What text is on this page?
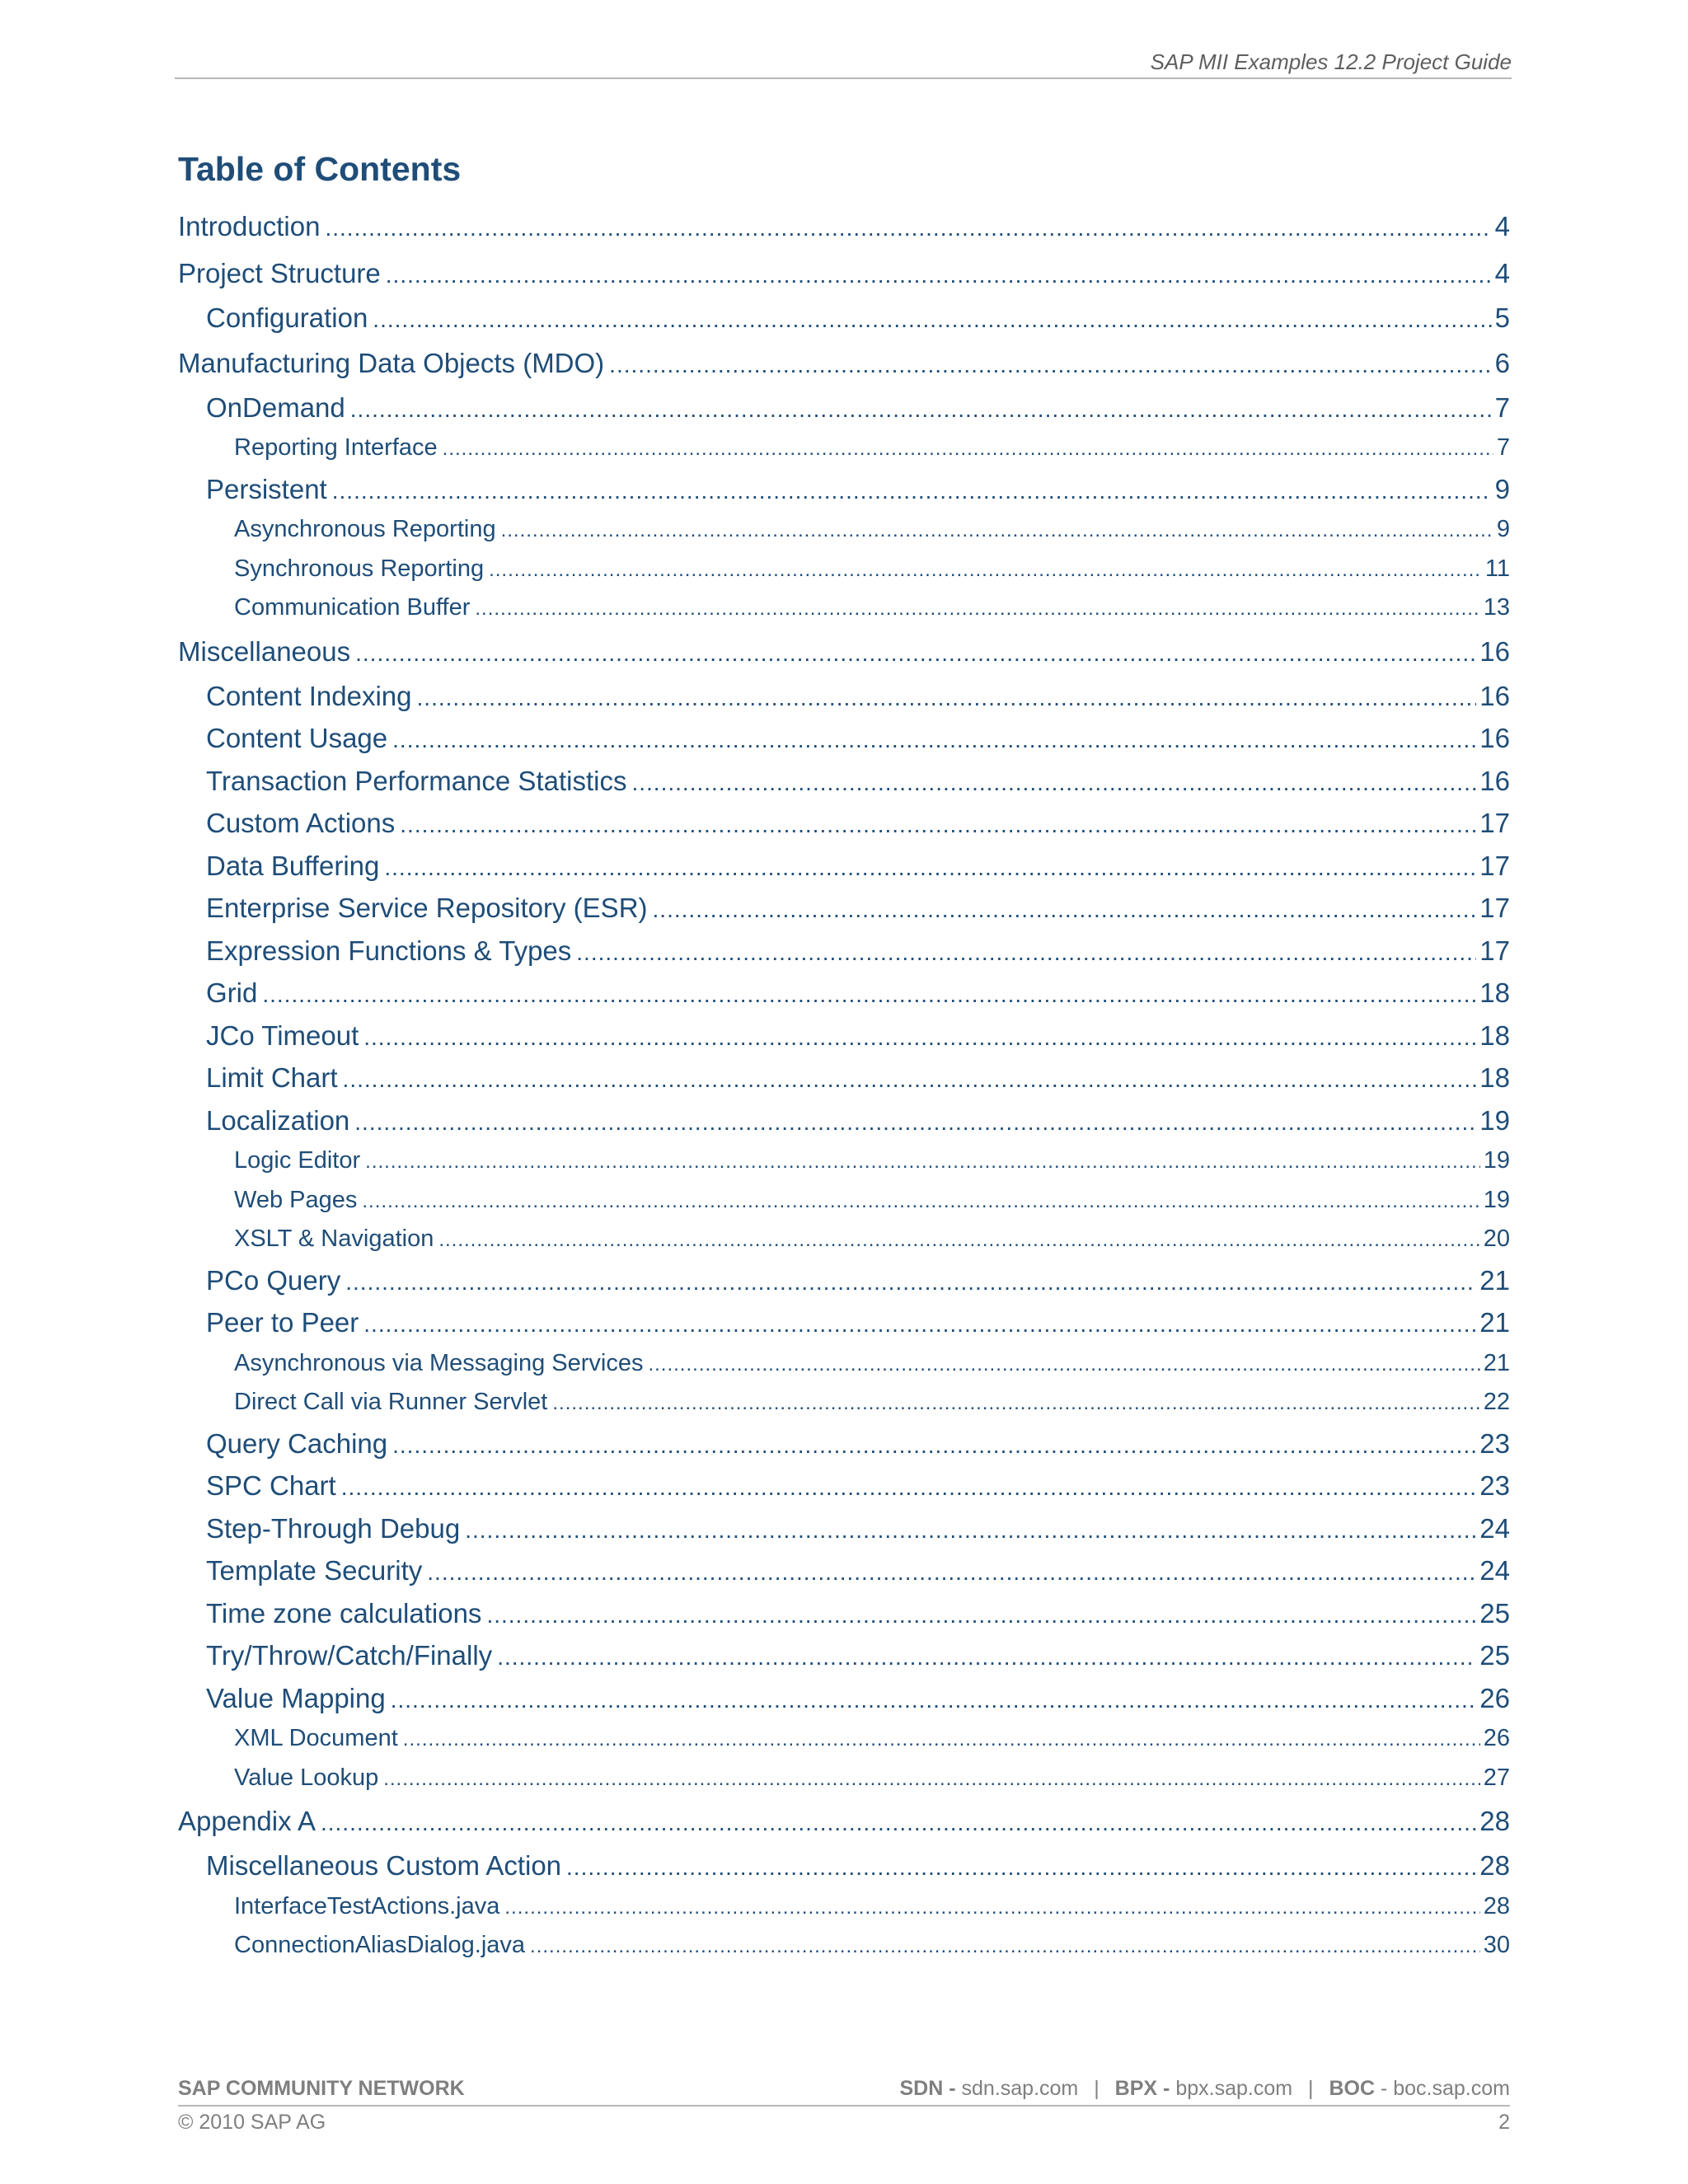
SAP MII Examples 12.2 Project Guide
Table of Contents
Introduction .....	4
Project Structure .....	4
Configuration .....	5
Manufacturing Data Objects (MDO) .....	6
OnDemand .....	7
Reporting Interface .....	7
Persistent .....	9
Asynchronous Reporting .....	9
Synchronous Reporting .....	11
Communication Buffer .....	13
Miscellaneous .....	16
Content Indexing .....	16
Content Usage .....	16
Transaction Performance Statistics .....	16
Custom Actions .....	17
Data Buffering .....	17
Enterprise Service Repository (ESR) .....	17
Expression Functions & Types .....	17
Grid .....	18
JCo Timeout .....	18
Limit Chart .....	18
Localization .....	19
Logic Editor .....	19
Web Pages .....	19
XSLT & Navigation .....	20
PCo Query .....	21
Peer to Peer .....	21
Asynchronous via Messaging Services .....	21
Direct Call via Runner Servlet .....	22
Query Caching .....	23
SPC Chart .....	23
Step-Through Debug .....	24
Template Security .....	24
Time zone calculations .....	25
Try/Throw/Catch/Finally .....	25
Value Mapping .....	26
XML Document .....	26
Value Lookup .....	27
Appendix A .....	28
Miscellaneous Custom Action .....	28
InterfaceTestActions.java .....	28
ConnectionAliasDialog.java .....	30
SAP COMMUNITY NETWORK	SDN - sdn.sap.com | BPX - bpx.sap.com | BOC - boc.sap.com
© 2010 SAP AG	2
